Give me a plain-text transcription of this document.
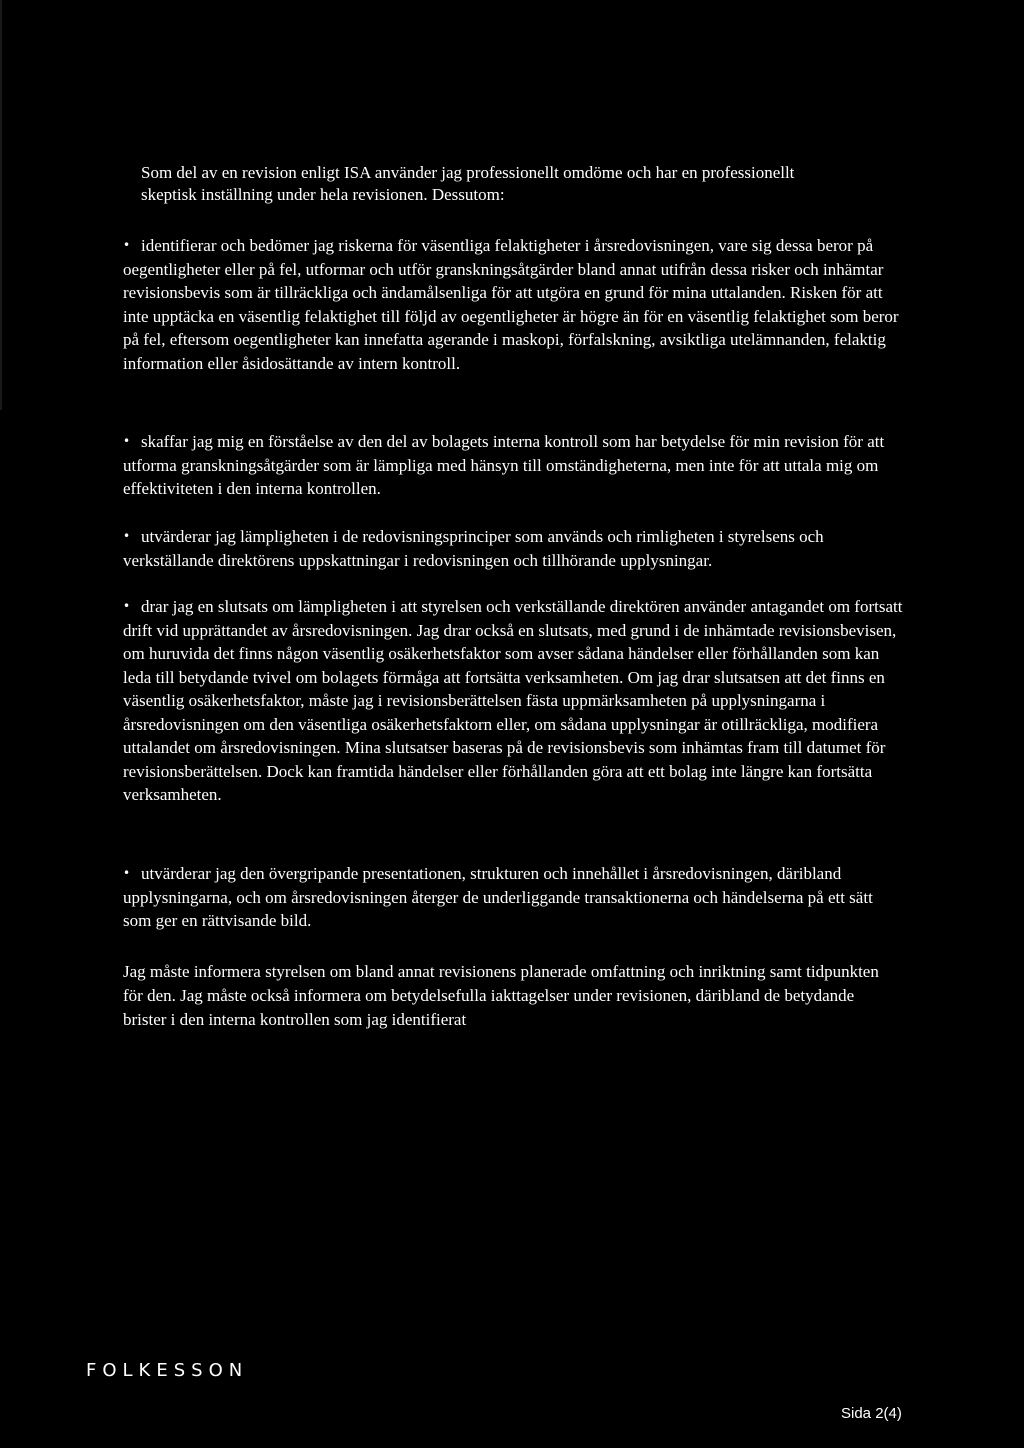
Som del av en revision enligt ISA använder jag professionellt omdöme och har en professionellt
skeptisk inställning under hela revisionen. Dessutom:

• identifierar och bedömer jag riskerna för väsentliga felaktigheter i årsredovisningen, vare sig dessa beror på oegentligheter eller på fel, utformar och utför granskningsåtgärder bland annat utifrån dessa risker och inhämtar revisionsbevis som är tillräckliga och ändamålsenliga för att utgöra en grund för mina uttalanden. Risken för att inte upptäcka en väsentlig felaktighet till följd av oegentligheter är högre än för en väsentlig felaktighet som beror på fel, eftersom oegentligheter kan innefatta agerande i maskopi, förfalskning, avsiktliga utelämnanden, felaktig information eller åsidosättande av intern kontroll.

• skaffar jag mig en förståelse av den del av bolagets interna kontroll som har betydelse för min revision för att utforma granskningsåtgärder som är lämpliga med hänsyn till omständigheterna, men inte för att uttala mig om effektiviteten i den interna kontrollen.

• utvärderar jag lämpligheten i de redovisningsprinciper som används och rimligheten i styrelsens och verkställande direktörens uppskattningar i redovisningen och tillhörande upplysningar.

• drar jag en slutsats om lämpligheten i att styrelsen och verkställande direktören använder antagandet om fortsatt drift vid upprättandet av årsredovisningen. Jag drar också en slutsats, med grund i de inhämtade revisionsbevisen, om huruvida det finns någon väsentlig osäkerhetsfaktor som avser sådana händelser eller förhållanden som kan leda till betydande tvivel om bolagets förmåga att fortsätta verksamheten. Om jag drar slutsatsen att det finns en väsentlig osäkerhetsfaktor, måste jag i revisionsberättelsen fästa uppmärksamheten på upplysningarna i årsredovisningen om den väsentliga osäkerhetsfaktorn eller, om sådana upplysningar är otillräckliga, modifiera uttalandet om årsredovisningen. Mina slutsatser baseras på de revisionsbevis som inhämtas fram till datumet för revisionsberättelsen. Dock kan framtida händelser eller förhållanden göra att ett bolag inte längre kan fortsätta verksamheten.

• utvärderar jag den övergripande presentationen, strukturen och innehållet i årsredovisningen, däribland upplysningarna, och om årsredovisningen återger de underliggande transaktionerna och händelserna på ett sätt som ger en rättvisande bild.

Jag måste informera styrelsen om bland annat revisionens planerade omfattning och inriktning samt tidpunkten för den. Jag måste också informera om betydelsefulla iakttagelser under revisionen, däribland de betydande brister i den interna kontrollen som jag identifierat

FOLKESSON
Sida 2(4)
